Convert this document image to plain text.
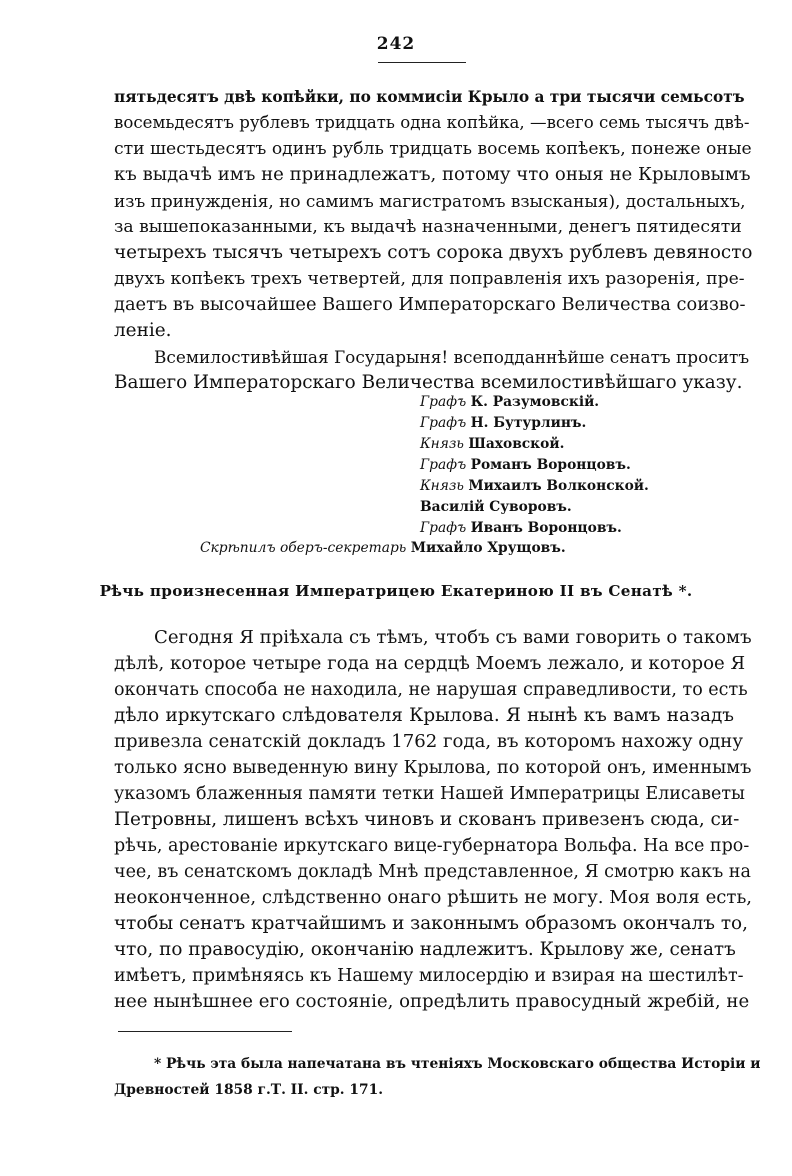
242
пятьдесятъ двѣ копѣйки, по коммисіи Крыло а три тысячи семьсотъ
восемьдесятъ рублевъ тридцать одна копѣйка, —всего семь тысячъ двѣ-
сти шестьдесятъ одинъ рубль тридцать восемь копѣекъ, понеже оные
къ выдачѣ имъ не принадлежатъ, потому что оныя не Крыловымъ
изъ принужденія, но самимъ магистратомъ взысканыя), достальныхъ,
за вышепоказанными, къ выдачѣ назначенными, денегъ пятидесяти
четырехъ тысячъ четырехъ сотъ сорока двухъ рублевъ девяносто
двухъ копѣекъ трехъ четвертей, для поправленія ихъ разоренія, пре-
даетъ въ высочайшее Вашего Императорскаго Величества соизво-
леніе.
Всемилостивѣйшая Государыня! всеподданнѣйше сенатъ проситъ
Вашего Императорскаго Величества всемилостивѣйшаго указу.
Графъ К. Разумовскій.
Графъ Н. Бутурлинъ.
Князь Шаховской.
Графъ Романъ Воронцовъ.
Князь Михаилъ Волконской.
Василій Суворовъ.
Графъ Иванъ Воронцовъ.
Скрѣпилъ оберъ-секретарь Михайло Хрущовъ.
Рѣчь произнесенная Императрицею Екатериною II въ Сенатѣ *.
Сегодня Я пріѣхала съ тѣмъ, чтобъ съ вами говорить о такомъ
дѣлѣ, которое четыре года на сердцѣ Моемъ лежало, и которое Я
окончать способа не находила, не нарушая справедливости, то есть
дѣло иркутскаго слѣдователя Крылова. Я нынѣ къ вамъ назадъ
привезла сенатскій докладъ 1762 года, въ которомъ нахожу одну
только ясно выведенную вину Крылова, по которой онъ, именнымъ
указомъ блаженныя памяти тетки Нашей Императрицы Елисаветы
Петровны, лишенъ всѣхъ чиновъ и скованъ привезенъ сюда, си-
рѣчь, арестованіе иркутскаго вице-губернатора Вольфа. На все про-
чее, въ сенатскомъ докладѣ Мнѣ представленное, Я смотрю какъ на
неоконченное, слѣдственно онаго рѣшить не могу. Моя воля есть,
чтобы сенатъ кратчайшимъ и законнымъ образомъ окончалъ то,
что, по правосудію, окончанію надлежитъ. Крылову же, сенатъ
имѣетъ, примѣняясь къ Нашему милосердію и взирая на шестилѣт-
нее нынѣшнее его состояніе, опредѣлить правосудный жребій, не
* Рѣчь эта была напечатана въ чтеніяхъ Московскаго общества Исторіи и
Древностей 1858 г.Т. II. стр. 171.
